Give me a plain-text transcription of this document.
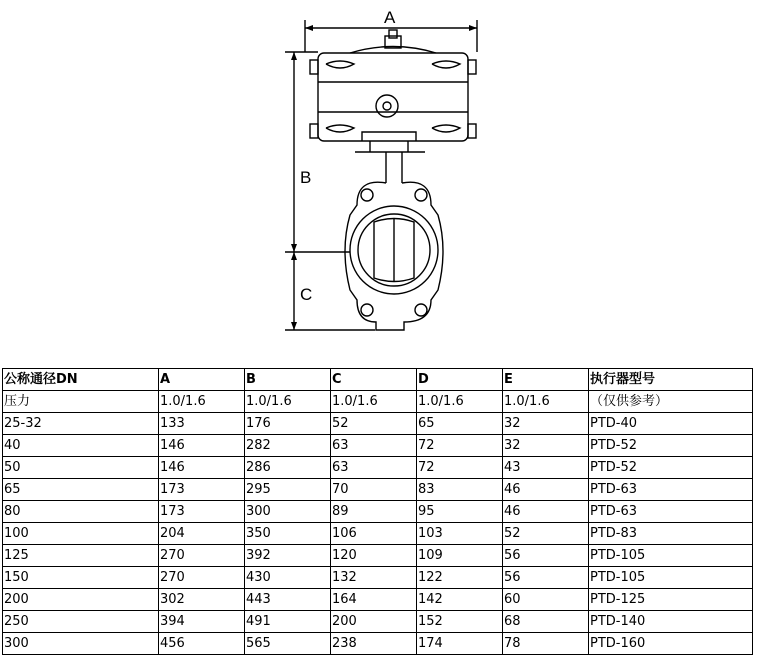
A
B
C
公称通径DN	A	B	C	D	E	执行器型号
压力	1.0/1.6	1.0/1.6	1.0/1.6	1.0/1.6	1.0/1.6	（仅供参考）
25-32	133	176	52	65	32	PTD-40
40	146	282	63	72	32	PTD-52
50	146	286	63	72	43	PTD-52
65	173	295	70	83	46	PTD-63
80	173	300	89	95	46	PTD-63
100	204	350	106	103	52	PTD-83
125	270	392	120	109	56	PTD-105
150	270	430	132	122	56	PTD-105
200	302	443	164	142	60	PTD-125
250	394	491	200	152	68	PTD-140
300	456	565	238	174	78	PTD-160
